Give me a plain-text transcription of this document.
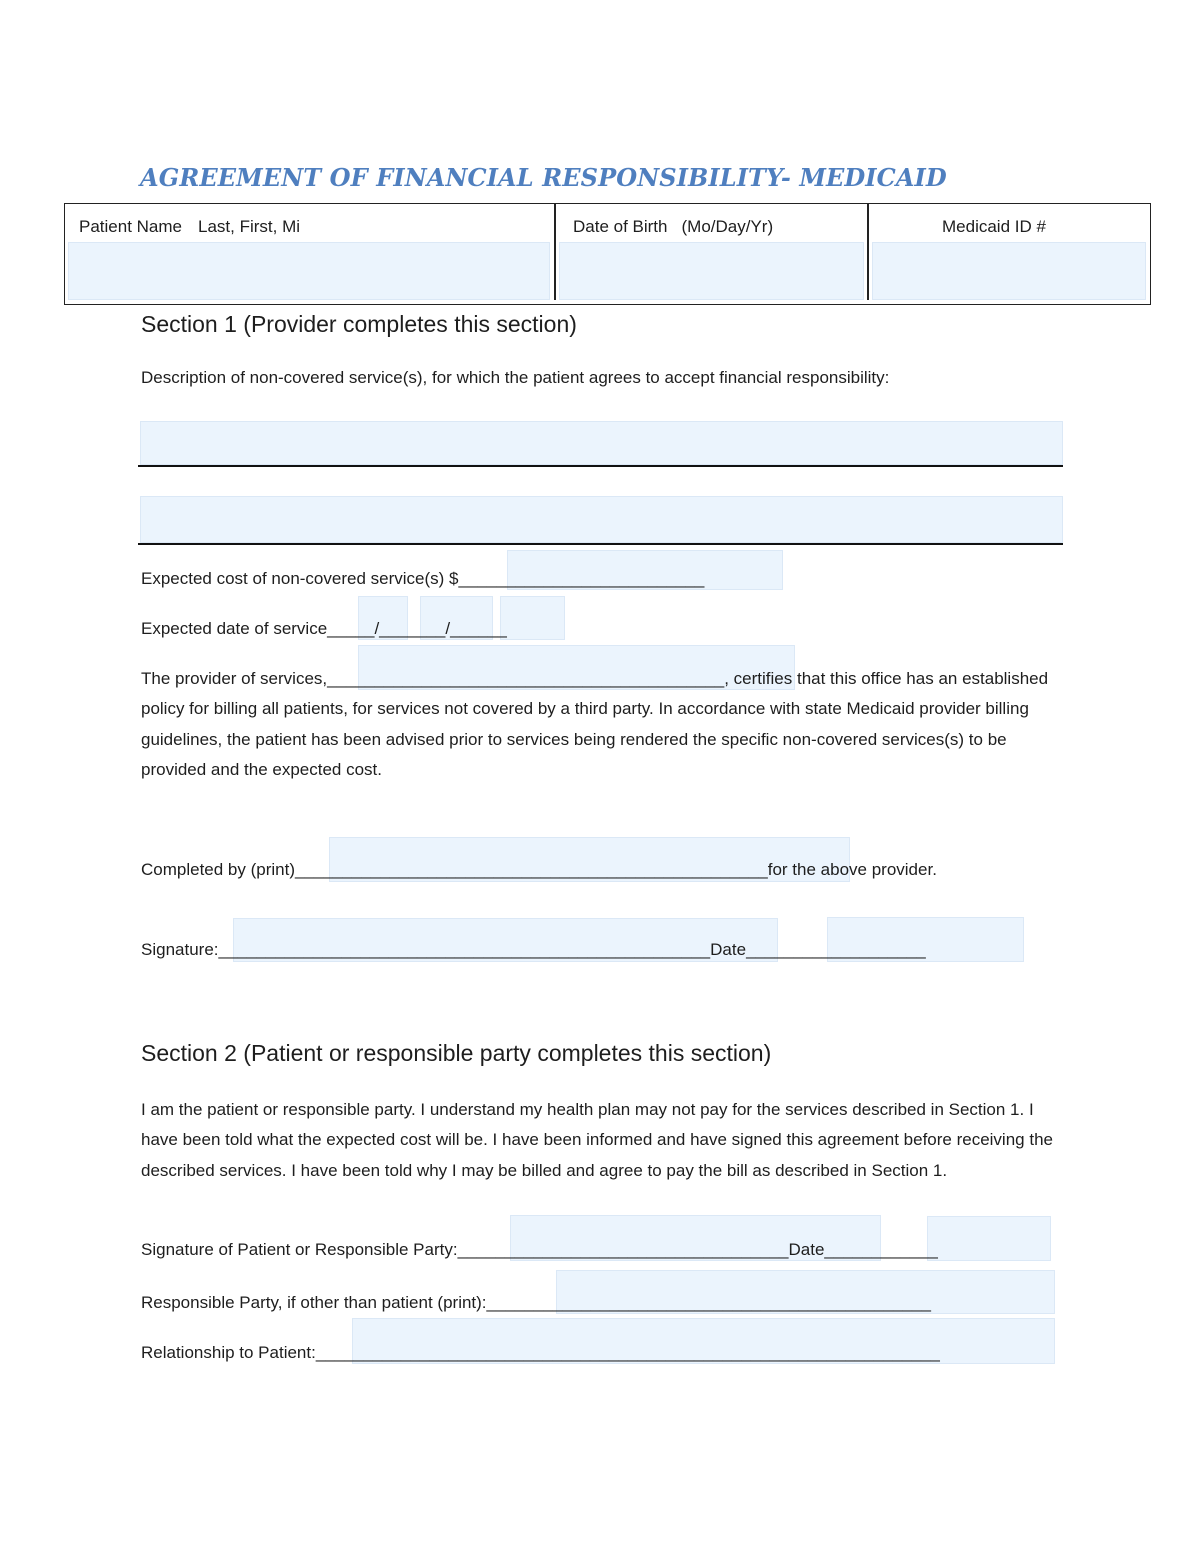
AGREEMENT OF FINANCIAL RESPONSIBILITY- MEDICAID
Patient Name Last, First, Mi	Date of Birth (Mo/Day/Yr)	Medicaid ID #
Section 1 (Provider completes this section)
Description of non-covered service(s), for which the patient agrees to accept financial responsibility:
Expected cost of non-covered service(s) $__________________________
Expected date of service_____/_______/______
The provider of services,__________________________________________, certifies that this office has an established policy for billing all patients, for services not covered by a third party. In accordance with state Medicaid provider billing guidelines, the patient has been advised prior to services being rendered the specific non-covered services(s) to be provided and the expected cost.
Completed by (print)__________________________________________________for the above provider.
Signature:____________________________________________________Date___________________
Section 2 (Patient or responsible party completes this section)
I am the patient or responsible party. I understand my health plan may not pay for the services described in Section 1. I have been told what the expected cost will be. I have been informed and have signed this agreement before receiving the described services. I have been told why I may be billed and agree to pay the bill as described in Section 1.
Signature of Patient or Responsible Party:___________________________________Date____________
Responsible Party, if other than patient (print):_______________________________________________
Relationship to Patient:__________________________________________________________________
